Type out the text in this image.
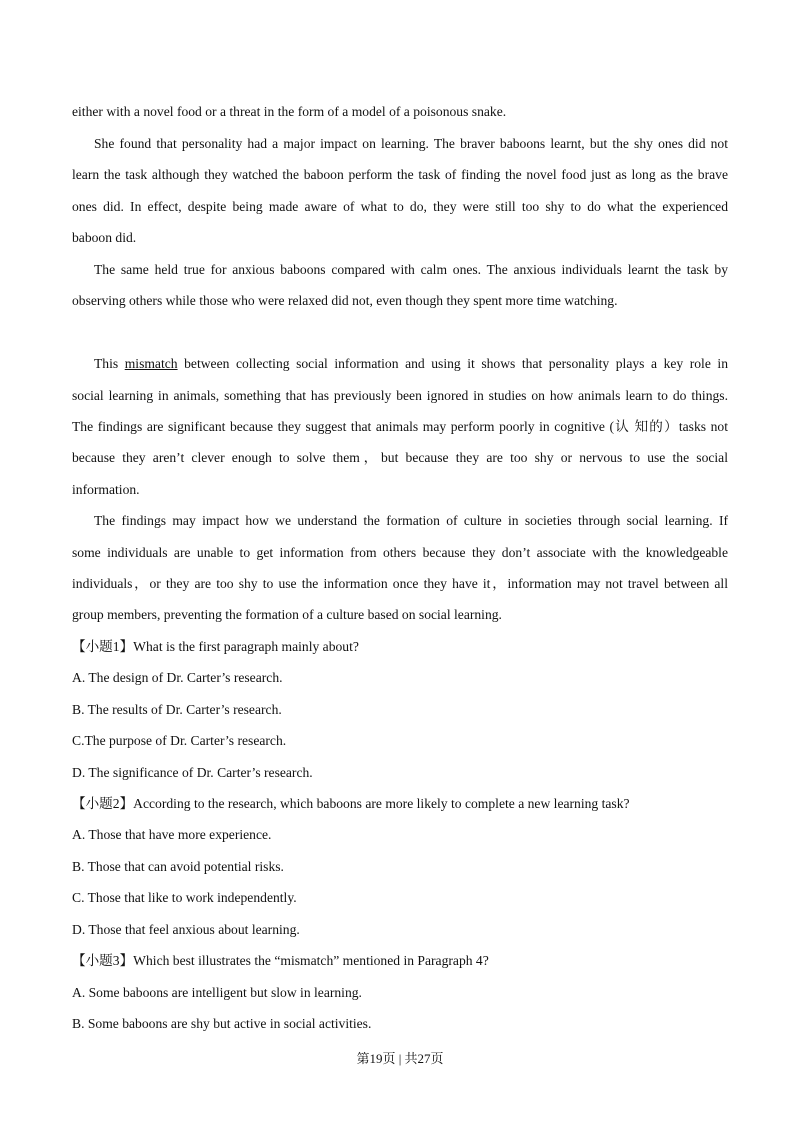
either with a novel food or a threat in the form of a model of a poisonous snake.
She found that personality had a major impact on learning. The braver baboons learnt, but the shy ones did not
learn the task although they watched the baboon perform the task of finding the novel food just as long as the brave
ones did. In effect, despite being made aware of what to do, they were still too shy to do what the experienced
baboon did.
The same held true for anxious baboons compared with calm ones. The anxious individuals learnt the task by
observing others while those who were relaxed did not, even though they spent more time watching.
This mismatch between collecting social information and using it shows that personality plays a key role in
social learning in animals, something that has previously been ignored in studies on how animals learn to do things.
The findings are significant because they suggest that animals may perform poorly in cognitive (认 知的）tasks not
because they aren’t clever enough to solve them，but because they are too shy or nervous to use the social
information.
The findings may impact how we understand the formation of culture in societies through social learning. If
some individuals are unable to get information from others because they don’t associate with the knowledgeable
individuals，or they are too shy to use the information once they have it，information may not travel between all
group members, preventing the formation of a culture based on social learning.
【小题1】What is the first paragraph mainly about?
A. The design of Dr. Carter’s research.
B. The results of Dr. Carter’s research.
C.The purpose of Dr. Carter’s research.
D. The significance of Dr. Carter’s research.
【小题2】According to the research, which baboons are more likely to complete a new learning task?
A. Those that have more experience.
B. Those that can avoid potential risks.
C. Those that like to work independently.
D. Those that feel anxious about learning.
【小题3】Which best illustrates the “mismatch” mentioned in Paragraph 4?
A. Some baboons are intelligent but slow in learning.
B. Some baboons are shy but active in social activities.
第19页 | 共27页
